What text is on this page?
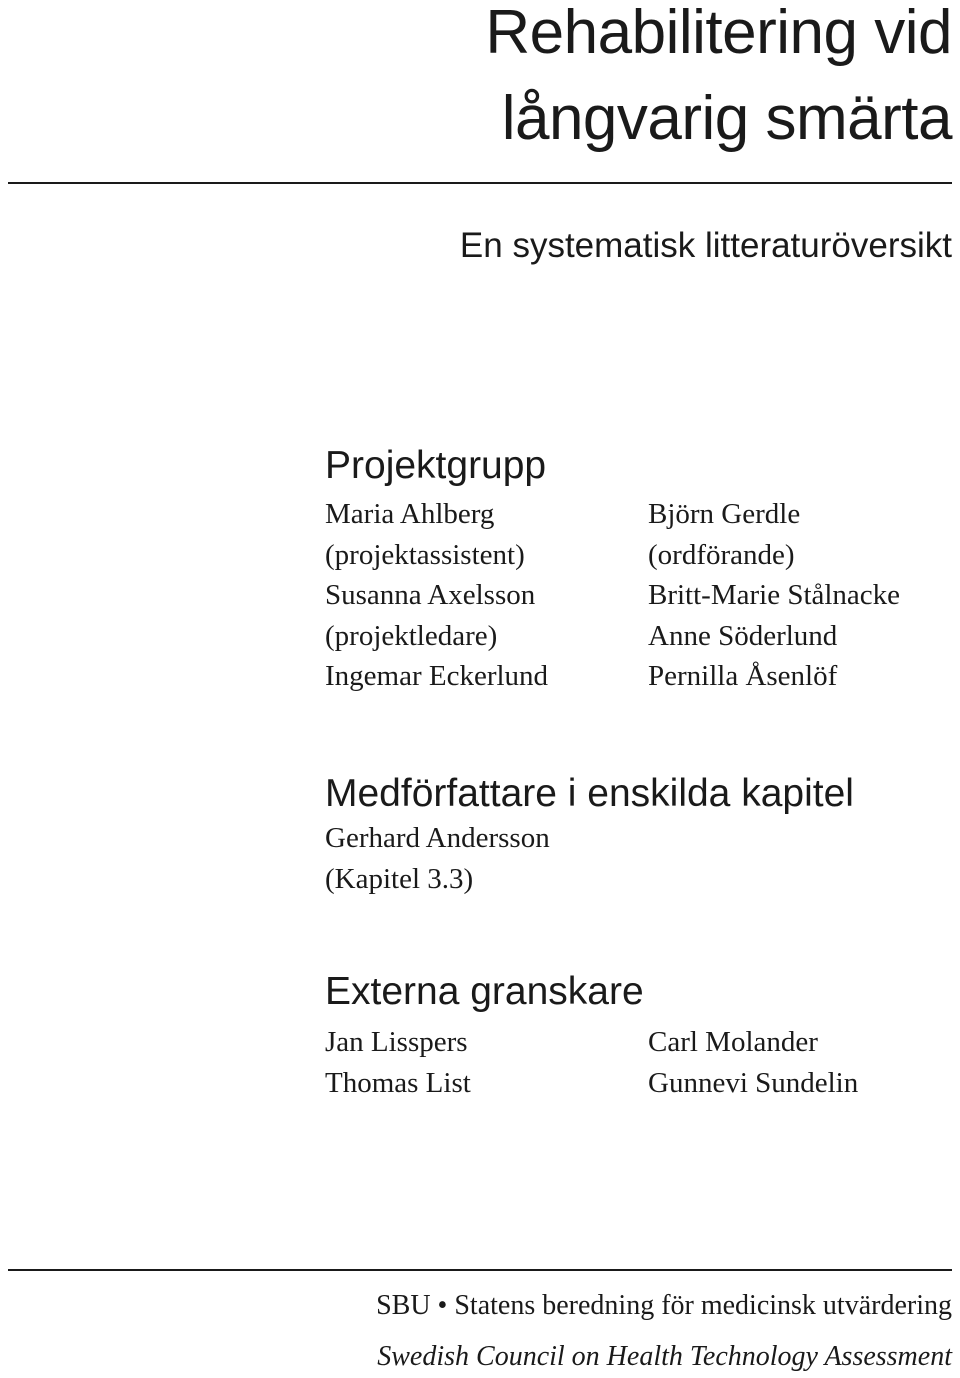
Rehabilitering vid
långvarig smärta
En systematisk litteraturöversikt
Projektgrupp
Maria Ahlberg
(projektassistent)
Susanna Axelsson
(projektledare)
Ingemar Eckerlund
Björn Gerdle
(ordförande)
Britt-Marie Stålnacke
Anne Söderlund
Pernilla Åsenlöf
Medförfattare i enskilda kapitel
Gerhard Andersson
(Kapitel 3.3)
Externa granskare
Jan Lisspers
Thomas List
Carl Molander
Gunnevi Sundelin
SBU • Statens beredning för medicinsk utvärdering
Swedish Council on Health Technology Assessment
